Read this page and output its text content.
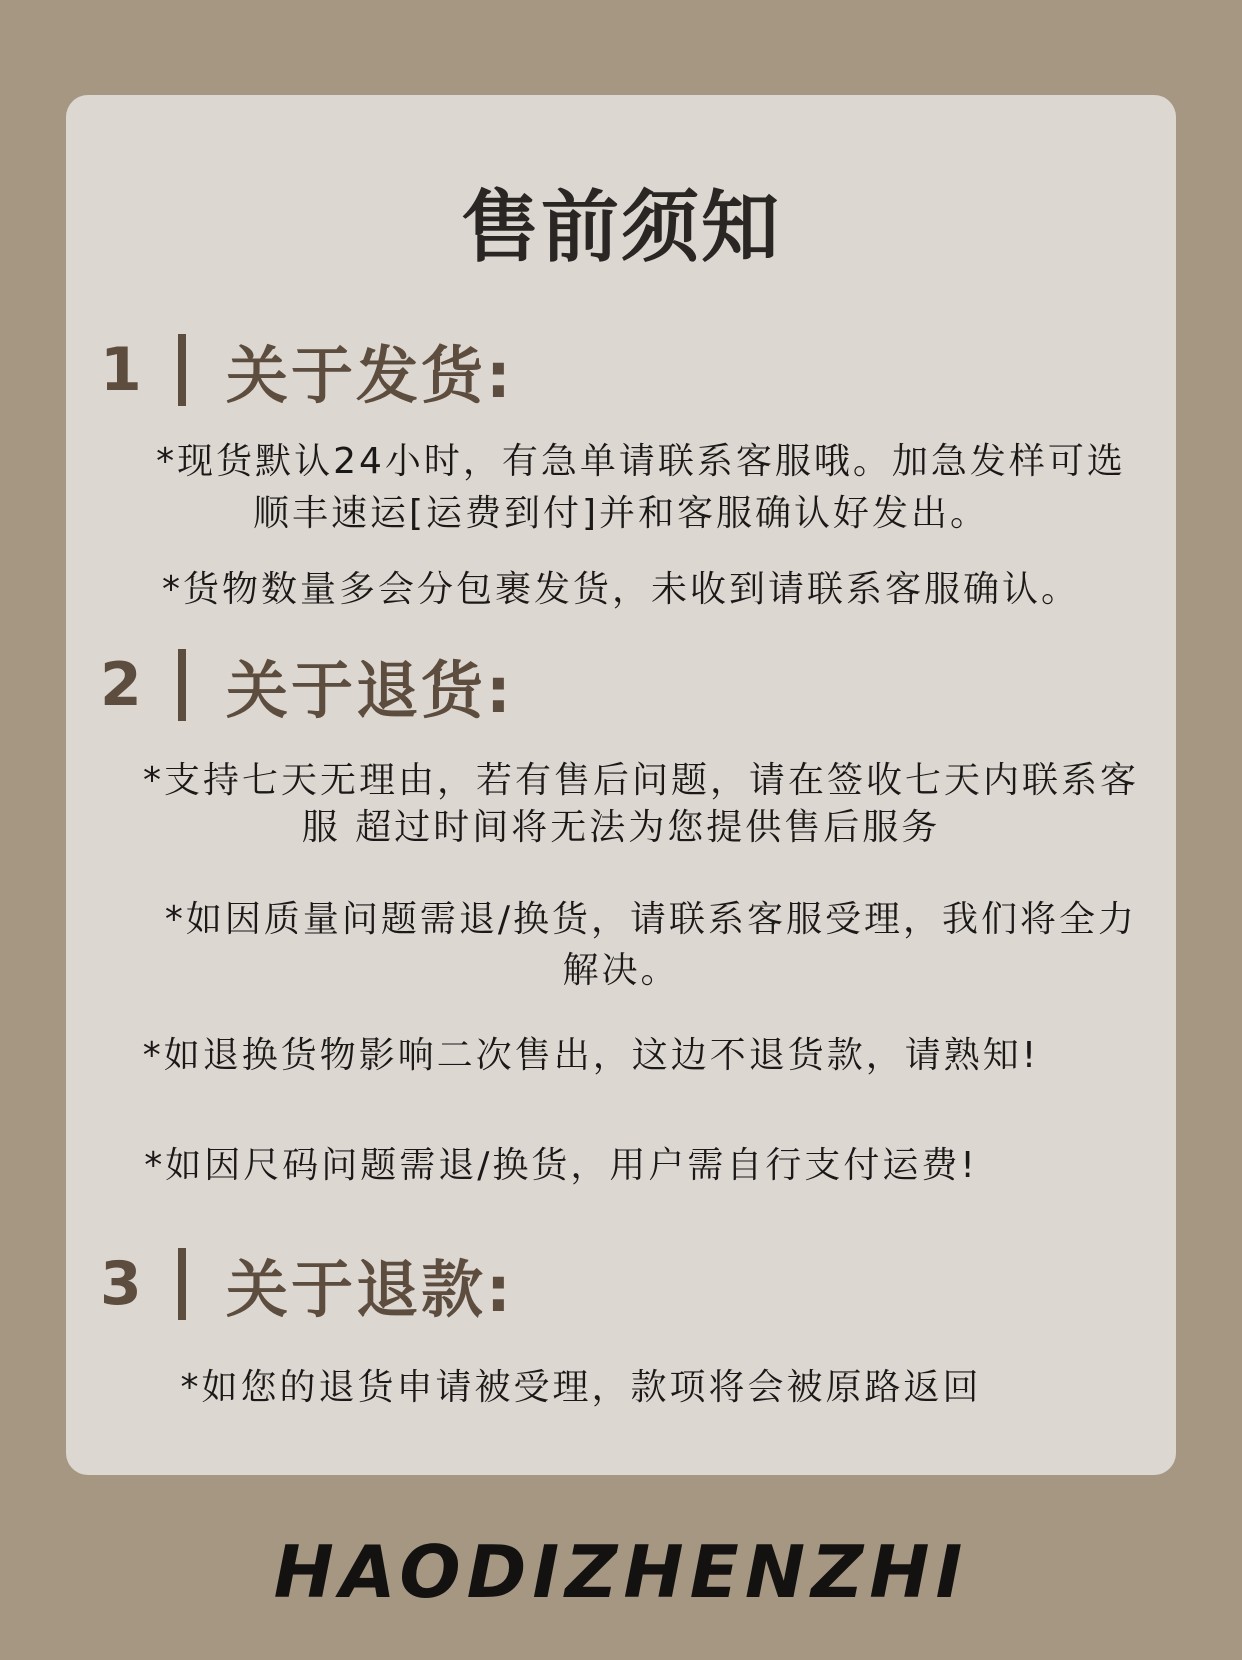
售前须知
1 关于发货:
*现货默认24小时，有急单请联系客服哦。加急发样可选
顺丰速运[运费到付]并和客服确认好发出。
*货物数量多会分包裹发货，未收到请联系客服确认。
2 关于退货:
*支持七天无理由，若有售后问题，请在签收七天内联系客
服 超过时间将无法为您提供售后服务
*如因质量问题需退/换货，请联系客服受理，我们将全力
解决。
*如退换货物影响二次售出，这边不退货款，请熟知!
*如因尺码问题需退/换货，用户需自行支付运费!
3 关于退款:
*如您的退货申请被受理，款项将会被原路返回
HAODIZHENZHI
